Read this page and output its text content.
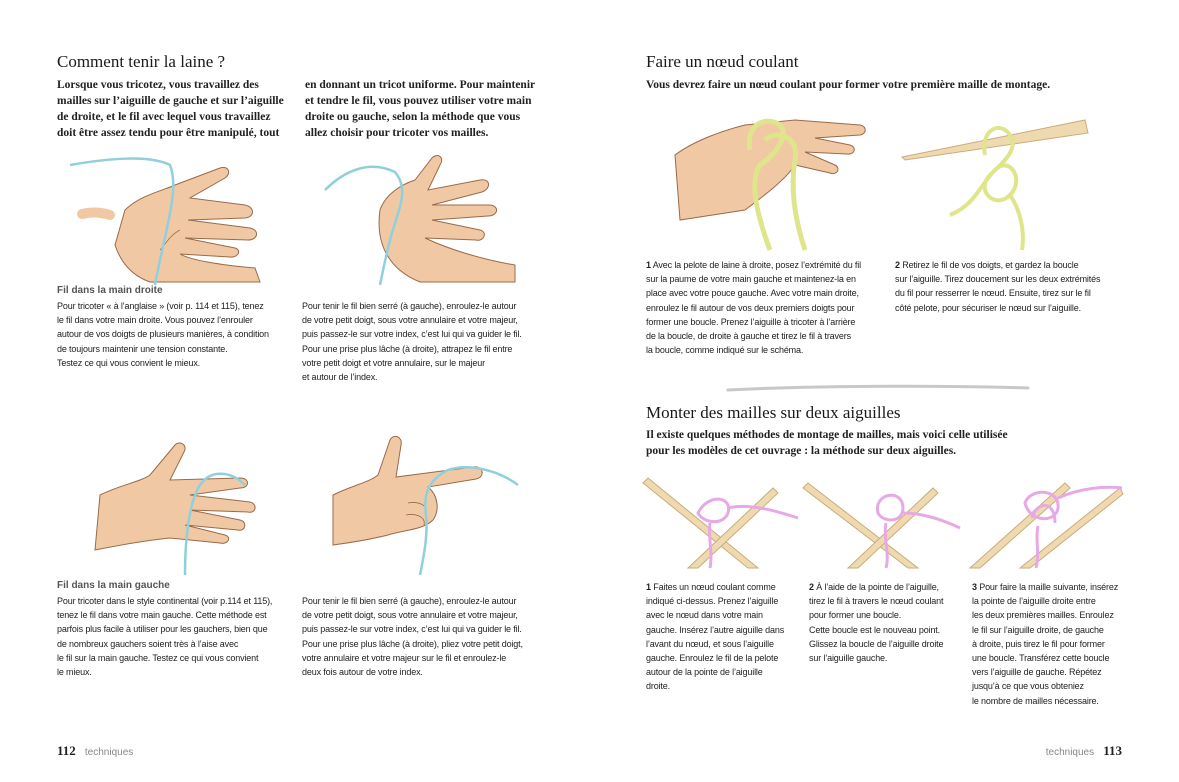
Comment tenir la laine ?
Lorsque vous tricotez, vous travaillez des
mailles sur l’aiguille de gauche et sur l’aiguille
de droite, et le fil avec lequel vous travaillez
doit être assez tendu pour être manipulé, tout
en donnant un tricot uniforme. Pour maintenir
et tendre le fil, vous pouvez utiliser votre main
droite ou gauche, selon la méthode que vous
allez choisir pour tricoter vos mailles.
Fil dans la main droite
Pour tricoter « à l’anglaise » (voir p. 114 et 115), tenez
le fil dans votre main droite. Vous pouvez l’enrouler
autour de vos doigts de plusieurs manières, à condition
de toujours maintenir une tension constante.
Testez ce qui vous convient le mieux.
Pour tenir le fil bien serré (à gauche), enroulez-le autour
de votre petit doigt, sous votre annulaire et votre majeur,
puis passez-le sur votre index, c’est lui qui va guider le fil.
Pour une prise plus lâche (à droite), attrapez le fil entre
votre petit doigt et votre annulaire, sur le majeur
et autour de l’index.
Fil dans la main gauche
Pour tricoter dans le style continental (voir p.114 et 115),
tenez le fil dans votre main gauche. Cette méthode est
parfois plus facile à utiliser pour les gauchers, bien que
de nombreux gauchers soient très à l’aise avec
le fil sur la main gauche. Testez ce qui vous convient
le mieux.
Pour tenir le fil bien serré (à gauche), enroulez-le autour
de votre petit doigt, sous votre annulaire et votre majeur,
puis passez-le sur votre index, c’est lui qui va guider le fil.
Pour une prise plus lâche (à droite), pliez votre petit doigt,
votre annulaire et votre majeur sur le fil et enroulez-le
deux fois autour de votre index.
112 techniques
Faire un nœud coulant
Vous devrez faire un nœud coulant pour former votre première maille de montage.
1 Avec la pelote de laine à droite, posez l’extrémité du fil
sur la paume de votre main gauche et maintenez-la en
place avec votre pouce gauche. Avec votre main droite,
enroulez le fil autour de vos deux premiers doigts pour
former une boucle. Prenez l’aiguille à tricoter à l’arrière
de la boucle, de droite à gauche et tirez le fil à travers
la boucle, comme indiqué sur le schéma.
2 Retirez le fil de vos doigts, et gardez la boucle
sur l’aiguille. Tirez doucement sur les deux extrémités
du fil pour resserrer le nœud. Ensuite, tirez sur le fil
côté pelote, pour sécuriser le nœud sur l’aiguille.
Monter des mailles sur deux aiguilles
Il existe quelques méthodes de montage de mailles, mais voici celle utilisée
pour les modèles de cet ouvrage : la méthode sur deux aiguilles.
1 Faites un nœud coulant comme
indiqué ci-dessus. Prenez l’aiguille
avec le nœud dans votre main
gauche. Insérez l’autre aiguille dans
l’avant du nœud, et sous l’aiguille
gauche. Enroulez le fil de la pelote
autour de la pointe de l’aiguille
droite.
2 À l’aide de la pointe de l’aiguille,
tirez le fil à travers le nœud coulant
pour former une boucle.
Cette boucle est le nouveau point.
Glissez la boucle de l’aiguille droite
sur l’aiguille gauche.
3 Pour faire la maille suivante, insérez
la pointe de l’aiguille droite entre
les deux premières mailles. Enroulez
le fil sur l’aiguille droite, de gauche
à droite, puis tirez le fil pour former
une boucle. Transférez cette boucle
vers l’aiguille de gauche. Répétez
jusqu’à ce que vous obteniez
le nombre de mailles nécessaire.
techniques 113
